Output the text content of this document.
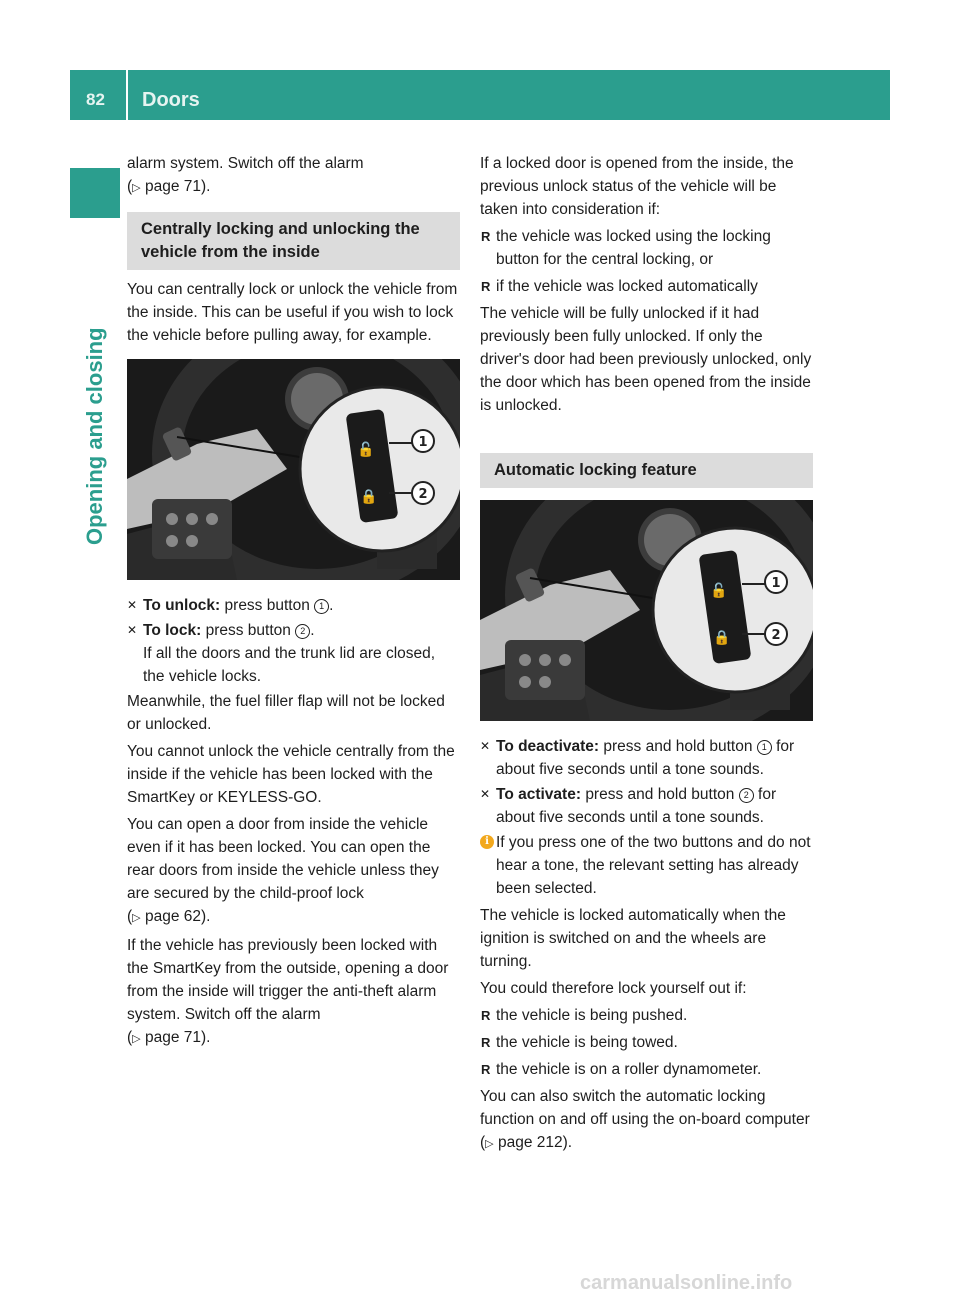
82 Doors
Opening and closing

alarm system. Switch off the alarm
(▷ page 71).

Centrally locking and unlocking the vehicle from the inside

You can centrally lock or unlock the vehicle from the inside. This can be useful if you wish to lock the vehicle before pulling away, for example.

✕ To unlock: press button 1 .
✕ To lock: press button 2 .
If all the doors and the trunk lid are closed, the vehicle locks.

Meanwhile, the fuel filler flap will not be locked or unlocked.

You cannot unlock the vehicle centrally from the inside if the vehicle has been locked with the SmartKey or KEYLESS-GO.

You can open a door from inside the vehicle even if it has been locked. You can open the rear doors from inside the vehicle unless they are secured by the child-proof lock
(▷ page 62).

If the vehicle has previously been locked with the SmartKey from the outside, opening a door from the inside will trigger the anti-theft alarm system. Switch off the alarm
(▷ page 71).

If a locked door is opened from the inside, the previous unlock status of the vehicle will be taken into consideration if:

R the vehicle was locked using the locking button for the central locking, or
R if the vehicle was locked automatically

The vehicle will be fully unlocked if it had previously been fully unlocked. If only the driver's door had been previously unlocked, only the door which has been opened from the inside is unlocked.

Automatic locking feature
✕ To deactivate: press and hold button 1 for about five seconds until a tone sounds.
✕ To activate: press and hold button 2 for about five seconds until a tone sounds.
i If you press one of the two buttons and do not hear a tone, the relevant setting has already been selected.

The vehicle is locked automatically when the ignition is switched on and the wheels are turning.

You could therefore lock yourself out if:

R the vehicle is being pushed.
R the vehicle is being towed.
R the vehicle is on a roller dynamometer.

You can also switch the automatic locking function on and off using the on-board computer (▷ page 212).

carmanualsonline.info
